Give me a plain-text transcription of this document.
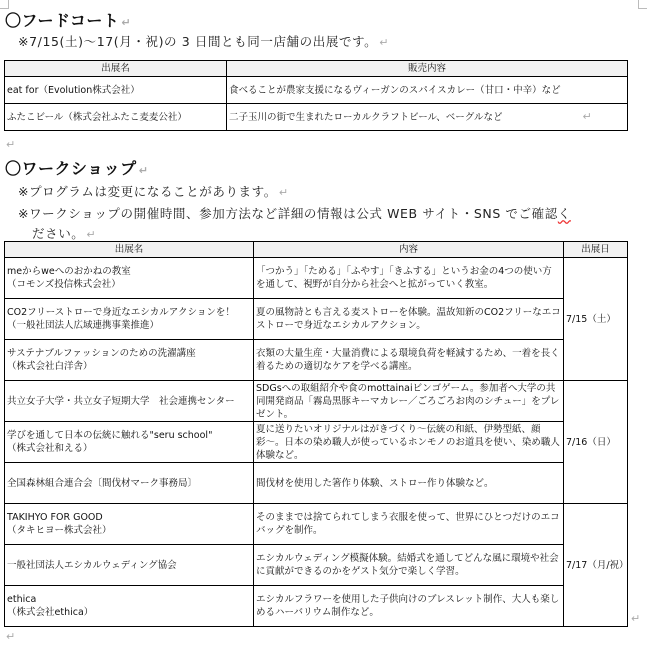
〇フードコート ↵
※7/15(土)〜17(月・祝)の 3 日間とも同一店舗の出展です。 ↵
出展名	販売内容
eat for（Evolution株式会社）	食べることが農家支援になるヴィーガンのスパイスカレー（甘口・中辛）など
ふたこビール（株式会社ふたこ麦麦公社）	二子玉川の街で生まれたローカルクラフトビール、ベーグルなど ↵
↵
〇ワークショップ ↵
※プログラムは変更になることがあります。 ↵
※ワークショップの開催時間、参加方法など詳細の情報は公式 WEB サイト・SNS でご確認く
ださい。 ↵
出展名	内容	出展日

meからweへのおかねの教室
（コモンズ投信株式会社）	「つかう」「ためる」「ふやす」「きふする」というお金の4つの使い方を通して、視野が自分から社会へと拡がっていく教室。	7/15（土）

CO2フリーストローで身近なエシカルアクションを！
（一般社団法人広域連携事業推進）	夏の風物詩とも言える麦ストローを体験。温故知新のCO2フリーなエコストローで身近なエシカルアクション。	

サステナブルファッションのための洗濯講座
（株式会社白洋舎）	衣類の大量生産・大量消費による環境負荷を軽減するため、一着を長く着るための適切なケアを学べる講座。	

共立女子大学・共立女子短期大学　社会連携センター	SDGsへの取組紹介や食のmottainaiビンゴゲーム。参加者へ大学の共同開発商品「霧島黒豚キーマカレー／ごろごろお肉のシチュー」をプレゼント。	7/16（日）

学びを通して日本の伝統に触れる"seru school"
（株式会社和える）	夏に送りたいオリジナルはがきづくり〜伝統の和紙、伊勢型紙、顔彩〜。日本の染め職人が使っているホンモノのお道具を使い、染め職人体験など。	

全国森林組合連合会〔間伐材マーク事務局〕	間伐材を使用した箸作り体験、ストロー作り体験など。	

TAKIHYO FOR GOOD
（タキヒヨー株式会社）	そのままでは捨てられてしまう衣服を使って、世界にひとつだけのエコバッグを制作。	7/17（月/祝）

一般社団法人エシカルウェディング協会	エシカルウェディング模擬体験。結婚式を通してどんな風に環境や社会に貢献ができるのかをゲスト気分で楽しく学習。	

ethica
（株式会社ethica）	エシカルフラワーを使用した子供向けのブレスレット制作、大人も楽しめるハーバリウム制作など。		↵
↵
